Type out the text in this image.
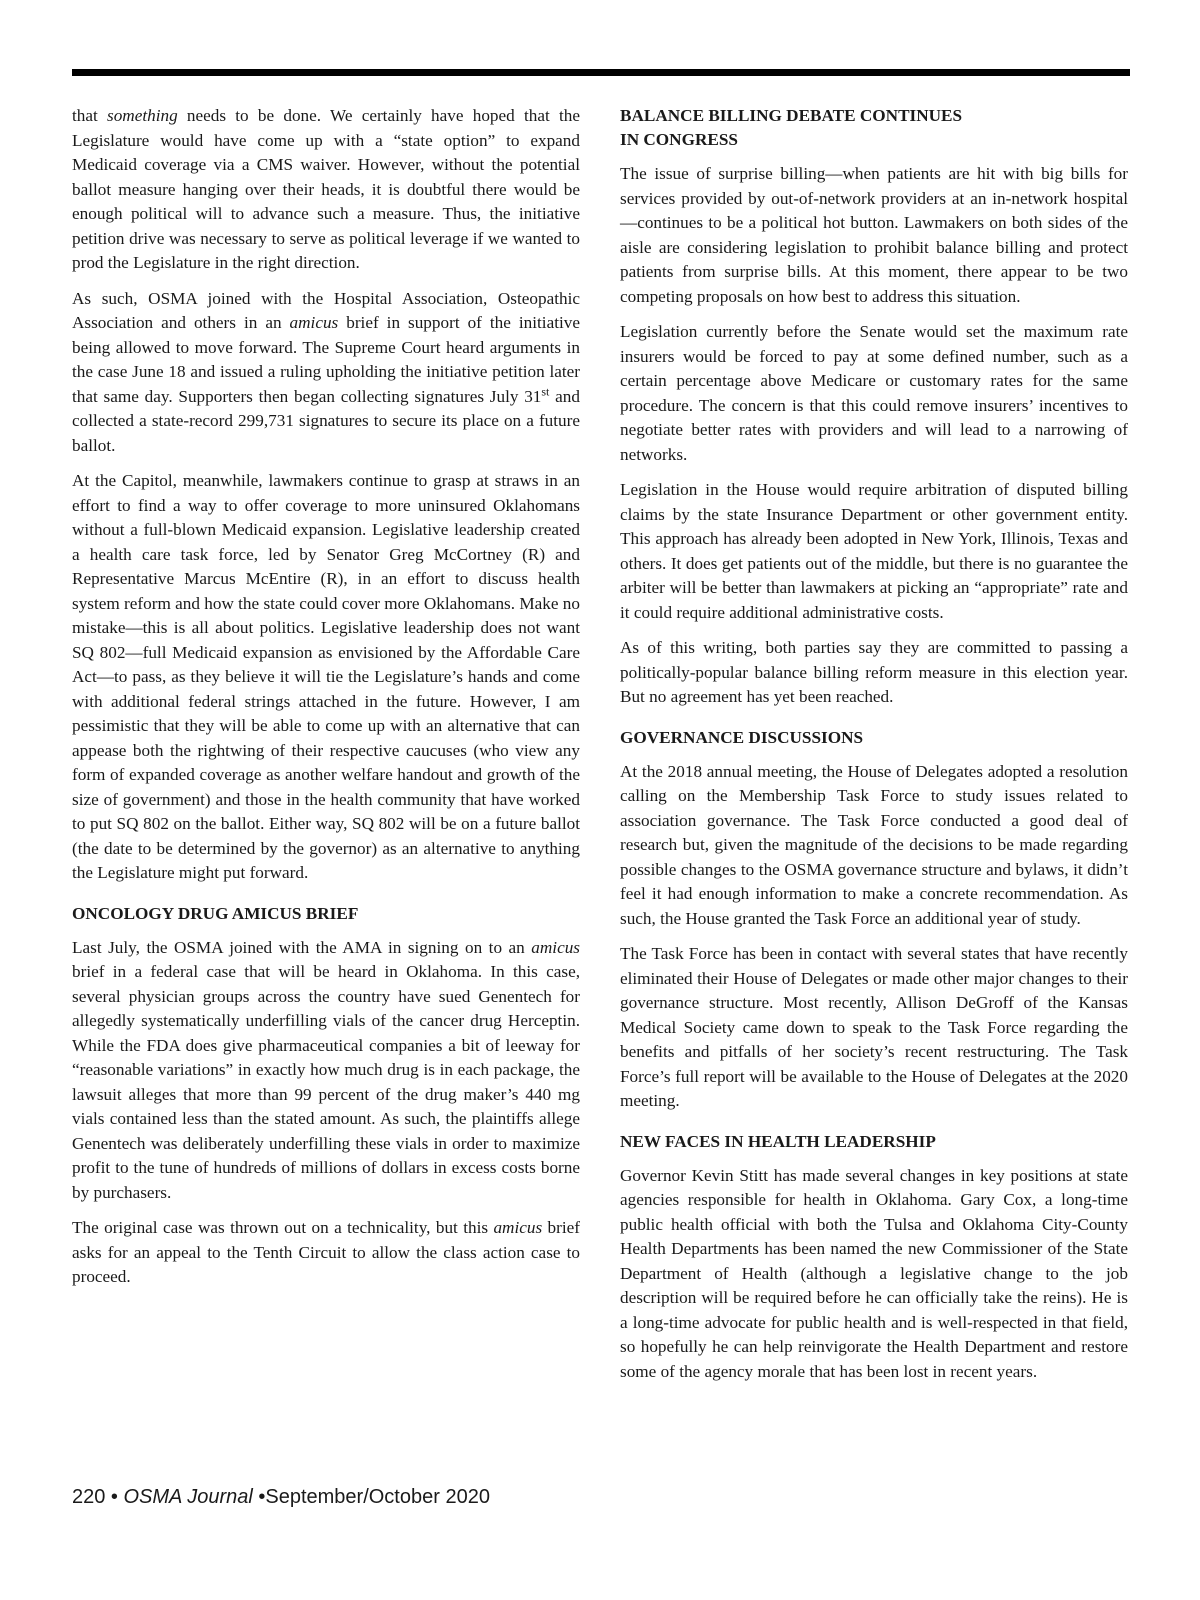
that something needs to be done. We certainly have hoped that the Legislature would have come up with a “state option” to expand Medicaid coverage via a CMS waiver. However, without the potential ballot measure hanging over their heads, it is doubtful there would be enough political will to advance such a measure. Thus, the initiative petition drive was necessary to serve as political leverage if we wanted to prod the Legislature in the right direction.

As such, OSMA joined with the Hospital Association, Osteopathic Association and others in an amicus brief in support of the initiative being allowed to move forward. The Supreme Court heard arguments in the case June 18 and issued a ruling upholding the initiative petition later that same day. Supporters then began collecting signatures July 31st and collected a state-record 299,731 signatures to secure its place on a future ballot.

At the Capitol, meanwhile, lawmakers continue to grasp at straws in an effort to find a way to offer coverage to more uninsured Oklahomans without a full-blown Medicaid expansion. Legislative leadership created a health care task force, led by Senator Greg McCortney (R) and Representative Marcus McEntire (R), in an effort to discuss health system reform and how the state could cover more Oklahomans. Make no mistake—this is all about politics. Legislative leadership does not want SQ 802—full Medicaid expansion as envisioned by the Affordable Care Act—to pass, as they believe it will tie the Legislature’s hands and come with additional federal strings attached in the future. However, I am pessimistic that they will be able to come up with an alternative that can appease both the rightwing of their respective caucuses (who view any form of expanded coverage as another welfare handout and growth of the size of government) and those in the health community that have worked to put SQ 802 on the ballot. Either way, SQ 802 will be on a future ballot (the date to be determined by the governor) as an alternative to anything the Legislature might put forward.

ONCOLOGY DRUG AMICUS BRIEF

Last July, the OSMA joined with the AMA in signing on to an amicus brief in a federal case that will be heard in Oklahoma. In this case, several physician groups across the country have sued Genentech for allegedly systematically underfilling vials of the cancer drug Herceptin. While the FDA does give pharmaceutical companies a bit of leeway for “reasonable variations” in exactly how much drug is in each package, the lawsuit alleges that more than 99 percent of the drug maker’s 440 mg vials contained less than the stated amount. As such, the plaintiffs allege Genentech was deliberately underfilling these vials in order to maximize profit to the tune of hundreds of millions of dollars in excess costs borne by purchasers.

The original case was thrown out on a technicality, but this amicus brief asks for an appeal to the Tenth Circuit to allow the class action case to proceed.

BALANCE BILLING DEBATE CONTINUES
IN CONGRESS

The issue of surprise billing—when patients are hit with big bills for services provided by out-of-network providers at an in-network hospital—continues to be a political hot button. Lawmakers on both sides of the aisle are considering legislation to prohibit balance billing and protect patients from surprise bills. At this moment, there appear to be two competing proposals on how best to address this situation.

Legislation currently before the Senate would set the maximum rate insurers would be forced to pay at some defined number, such as a certain percentage above Medicare or customary rates for the same procedure. The concern is that this could remove insurers’ incentives to negotiate better rates with providers and will lead to a narrowing of networks.

Legislation in the House would require arbitration of disputed billing claims by the state Insurance Department or other government entity. This approach has already been adopted in New York, Illinois, Texas and others. It does get patients out of the middle, but there is no guarantee the arbiter will be better than lawmakers at picking an “appropriate” rate and it could require additional administrative costs.

As of this writing, both parties say they are committed to passing a politically-popular balance billing reform measure in this election year. But no agreement has yet been reached.

GOVERNANCE DISCUSSIONS

At the 2018 annual meeting, the House of Delegates adopted a resolution calling on the Membership Task Force to study issues related to association governance. The Task Force conducted a good deal of research but, given the magnitude of the decisions to be made regarding possible changes to the OSMA governance structure and bylaws, it didn’t feel it had enough information to make a concrete recommendation. As such, the House granted the Task Force an additional year of study.

The Task Force has been in contact with several states that have recently eliminated their House of Delegates or made other major changes to their governance structure. Most recently, Allison DeGroff of the Kansas Medical Society came down to speak to the Task Force regarding the benefits and pitfalls of her society’s recent restructuring. The Task Force’s full report will be available to the House of Delegates at the 2020 meeting.

NEW FACES IN HEALTH LEADERSHIP

Governor Kevin Stitt has made several changes in key positions at state agencies responsible for health in Oklahoma. Gary Cox, a long-time public health official with both the Tulsa and Oklahoma City-County Health Departments has been named the new Commissioner of the State Department of Health (although a legislative change to the job description will be required before he can officially take the reins). He is a long-time advocate for public health and is well-respected in that field, so hopefully he can help reinvigorate the Health Department and restore some of the agency morale that has been lost in recent years.

220 • OSMA Journal •September/October 2020
